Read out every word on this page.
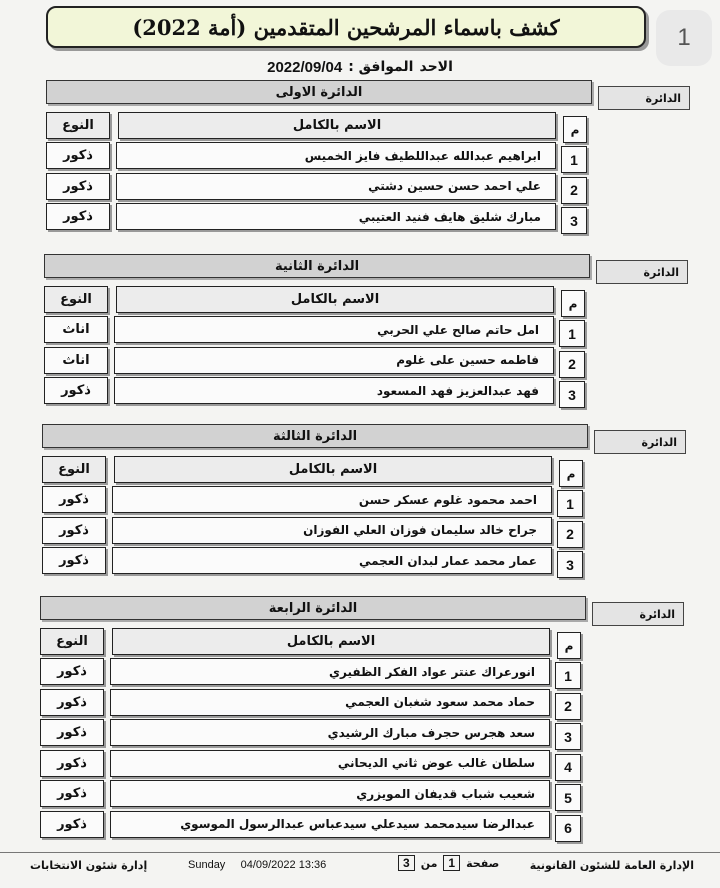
1
كشف باسماء المرشحين المتقدمين (أمة 2022)
الاحد
الموافق :
2022/09/04
الدائرة الاولى	الدائرة
النوع	الاسم بالكامل	م
ذكور	ابراهيم عبدالله عبداللطيف فايز الخميس	1
ذكور	علي احمد حسن حسين دشتي	2
ذكور	مبارك شليق هايف فنيد العتيبي	3
الدائرة الثانية	الدائرة
النوع	الاسم بالكامل	م
اناث	امل حاتم صالح علي الحربي	1
اناث	فاطمه حسين على غلوم	2
ذكور	فهد عبدالعزيز فهد المسعود	3
الدائرة الثالثة	الدائرة
النوع	الاسم بالكامل	م
ذكور	احمد محمود غلوم عسكر حسن	1
ذكور	جراح خالد سليمان فوزان العلي الفوزان	2
ذكور	عمار محمد عمار لبدان العجمي	3
الدائرة الرابعة	الدائرة
النوع	الاسم بالكامل	م
ذكور	انورعراك عنتر عواد الفكر الظفيري	1
ذكور	حماد محمد سعود شغبان العجمي	2
ذكور	سعد هجرس حجرف مبارك الرشيدي	3
ذكور	سلطان غالب عوض ثاني الديحاني	4
ذكور	شعيب شباب قديفان المويزري	5
ذكور	عبدالرضا سيدمحمد سيدعلي سيدعباس عبدالرسول الموسوي	6
إدارة شئون الانتخابات	Sunday 04/09/2022 13:36	صفحة
1
من
3	الإدارة العامة للشئون القانونية
